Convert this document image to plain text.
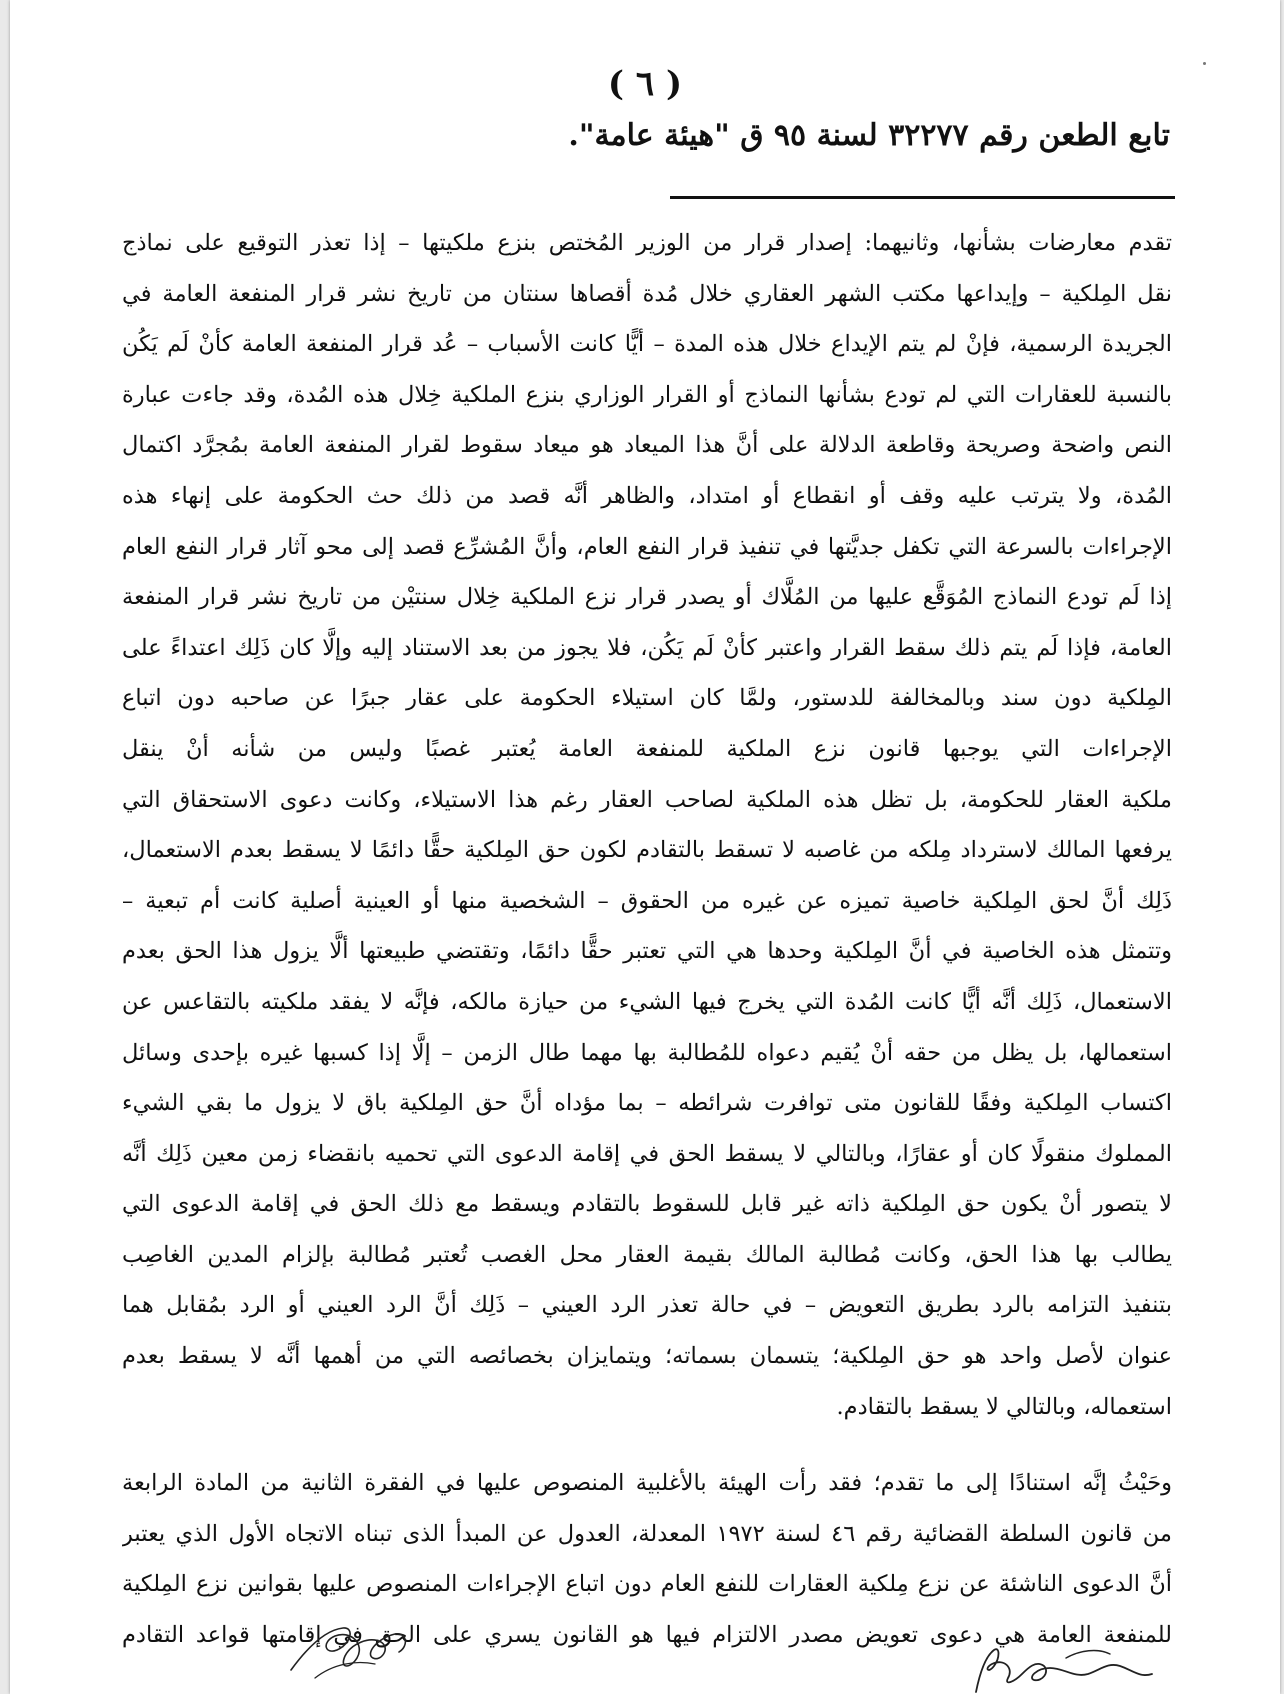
( ٦ )
تابع الطعن رقم ٣٢٢٧٧ لسنة ٩٥ ق "هيئة عامة".
تقدم معارضات بشأنها، وثانيهما: إصدار قرار من الوزير المُختص بنزع ملكيتها – إذا تعذر التوقيع على نماذج
نقل المِلكية – وإيداعها مكتب الشهر العقاري خلال مُدة أقصاها سنتان من تاريخ نشر قرار المنفعة العامة في
الجريدة الرسمية، فإنْ لم يتم الإيداع خلال هذه المدة – أيًّا كانت الأسباب – عُد قرار المنفعة العامة كأنْ لَم يَكُن
بالنسبة للعقارات التي لم تودع بشأنها النماذج أو القرار الوزاري بنزع الملكية خِلال هذه المُدة، وقد جاءت عبارة
النص واضحة وصريحة وقاطعة الدلالة على أنَّ هذا الميعاد هو ميعاد سقوط لقرار المنفعة العامة بمُجرَّد اكتمال
المُدة، ولا يترتب عليه وقف أو انقطاع أو امتداد، والظاهر أنَّه قصد من ذلك حث الحكومة على إنهاء هذه
الإجراءات بالسرعة التي تكفل جديَّتها في تنفيذ قرار النفع العام، وأنَّ المُشرِّع قصد إلى محو آثار قرار النفع العام
إذا لَم تودع النماذج المُوَقَّع عليها من المُلَّاك أو يصدر قرار نزع الملكية خِلال سنتيْن من تاريخ نشر قرار المنفعة
العامة، فإذا لَم يتم ذلك سقط القرار واعتبر كأنْ لَم يَكُن، فلا يجوز من بعد الاستناد إليه وإلَّا كان ذَلِك اعتداءً على
المِلكية دون سند وبالمخالفة للدستور، ولمَّا كان استيلاء الحكومة على عقار جبرًا عن صاحبه دون اتباع
الإجراءات التي يوجبها قانون نزع الملكية للمنفعة العامة يُعتبر غصبًا وليس من شأنه أنْ ينقل
ملكية العقار للحكومة، بل تظل هذه الملكية لصاحب العقار رغم هذا الاستيلاء، وكانت دعوى الاستحقاق التي
يرفعها المالك لاسترداد مِلكه من غاصبه لا تسقط بالتقادم لكون حق المِلكية حقًّا دائمًا لا يسقط بعدم الاستعمال،
ذَلِك أنَّ لحق المِلكية خاصية تميزه عن غيره من الحقوق – الشخصية منها أو العينية أصلية كانت أم تبعية –
وتتمثل هذه الخاصية في أنَّ المِلكية وحدها هي التي تعتبر حقًّا دائمًا، وتقتضي طبيعتها ألَّا يزول هذا الحق بعدم
الاستعمال، ذَلِك أنَّه أيًّا كانت المُدة التي يخرج فيها الشيء من حيازة مالكه، فإنَّه لا يفقد ملكيته بالتقاعس عن
استعمالها، بل يظل من حقه أنْ يُقيم دعواه للمُطالبة بها مهما طال الزمن – إلَّا إذا كسبها غيره بإحدى وسائل
اكتساب المِلكية وفقًا للقانون متى توافرت شرائطه – بما مؤداه أنَّ حق المِلكية باق لا يزول ما بقي الشيء
المملوك منقولًا كان أو عقارًا، وبالتالي لا يسقط الحق في إقامة الدعوى التي تحميه بانقضاء زمن معين ذَلِك أنَّه
لا يتصور أنْ يكون حق المِلكية ذاته غير قابل للسقوط بالتقادم ويسقط مع ذلك الحق في إقامة الدعوى التي
يطالب بها هذا الحق، وكانت مُطالبة المالك بقيمة العقار محل الغصب تُعتبر مُطالبة بإلزام المدين الغاصِب
بتنفيذ التزامه بالرد بطريق التعويض – في حالة تعذر الرد العيني – ذَلِك أنَّ الرد العيني أو الرد بمُقابل هما
عنوان لأصل واحد هو حق المِلكية؛ يتسمان بسماته؛ ويتمايزان بخصائصه التي من أهمها أنَّه لا يسقط بعدم
استعماله، وبالتالي لا يسقط بالتقادم.
وحَيْثُ إنَّه استنادًا إلى ما تقدم؛ فقد رأت الهيئة بالأغلبية المنصوص عليها في الفقرة الثانية من المادة الرابعة
من قانون السلطة القضائية رقم ٤٦ لسنة ١٩٧٢ المعدلة، العدول عن المبدأ الذى تبناه الاتجاه الأول الذي يعتبر
أنَّ الدعوى الناشئة عن نزع مِلكية العقارات للنفع العام دون اتباع الإجراءات المنصوص عليها بقوانين نزع المِلكية
للمنفعة العامة هي دعوى تعويض مصدر الالتزام فيها هو القانون يسري على الحق في إقامتها قواعد التقادم
